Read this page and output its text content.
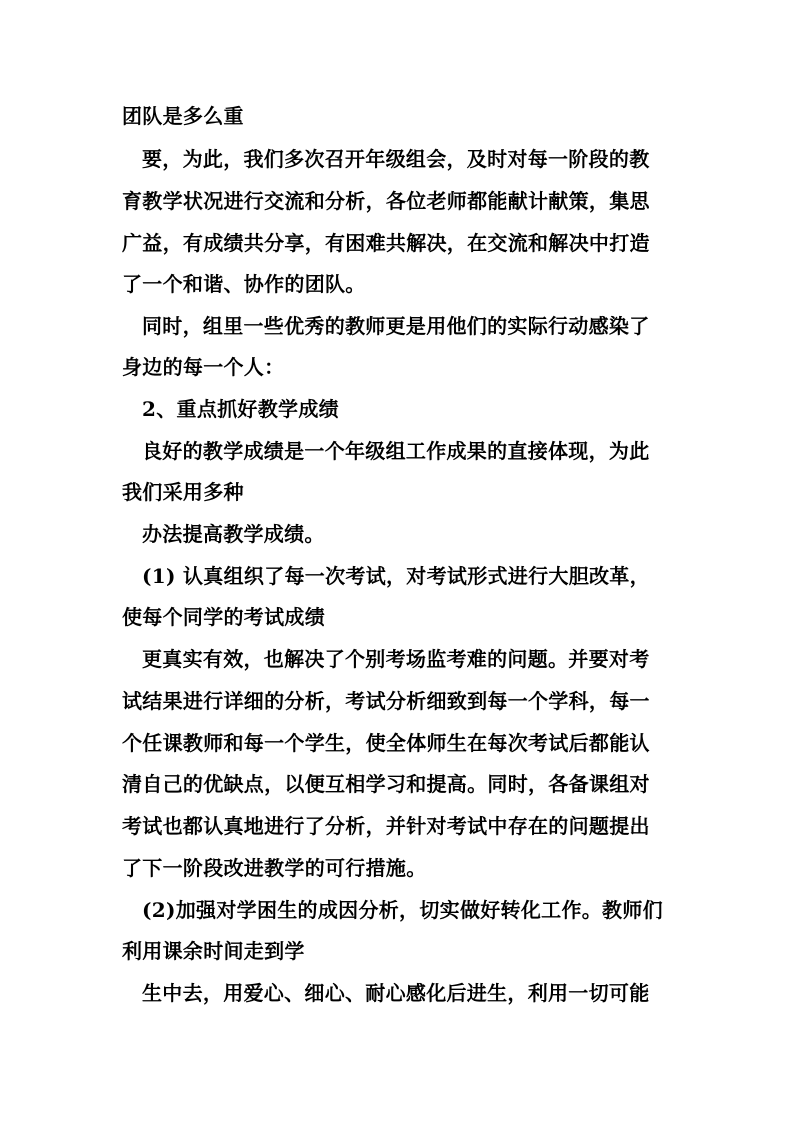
团队是多么重
要，为此，我们多次召开年级组会，及时对每一阶段的教
育教学状况进行交流和分析，各位老师都能献计献策，集思
广益，有成绩共分享，有困难共解决，在交流和解决中打造
了一个和谐、协作的团队。
同时，组里一些优秀的教师更是用他们的实际行动感染了
身边的每一个人：
2、重点抓好教学成绩
良好的教学成绩是一个年级组工作成果的直接体现，为此
我们采用多种
办法提高教学成绩。
(1) 认真组织了每一次考试，对考试形式进行大胆改革，
使每个同学的考试成绩
更真实有效，也解决了个别考场监考难的问题。并要对考
试结果进行详细的分析，考试分析细致到每一个学科，每一
个任课教师和每一个学生，使全体师生在每次考试后都能认
清自己的优缺点，以便互相学习和提高。同时，各备课组对
考试也都认真地进行了分析，并针对考试中存在的问题提出
了下一阶段改进教学的可行措施。
(2)加强对学困生的成因分析，切实做好转化工作。教师们
利用课余时间走到学
生中去，用爱心、细心、耐心感化后进生，利用一切可能
